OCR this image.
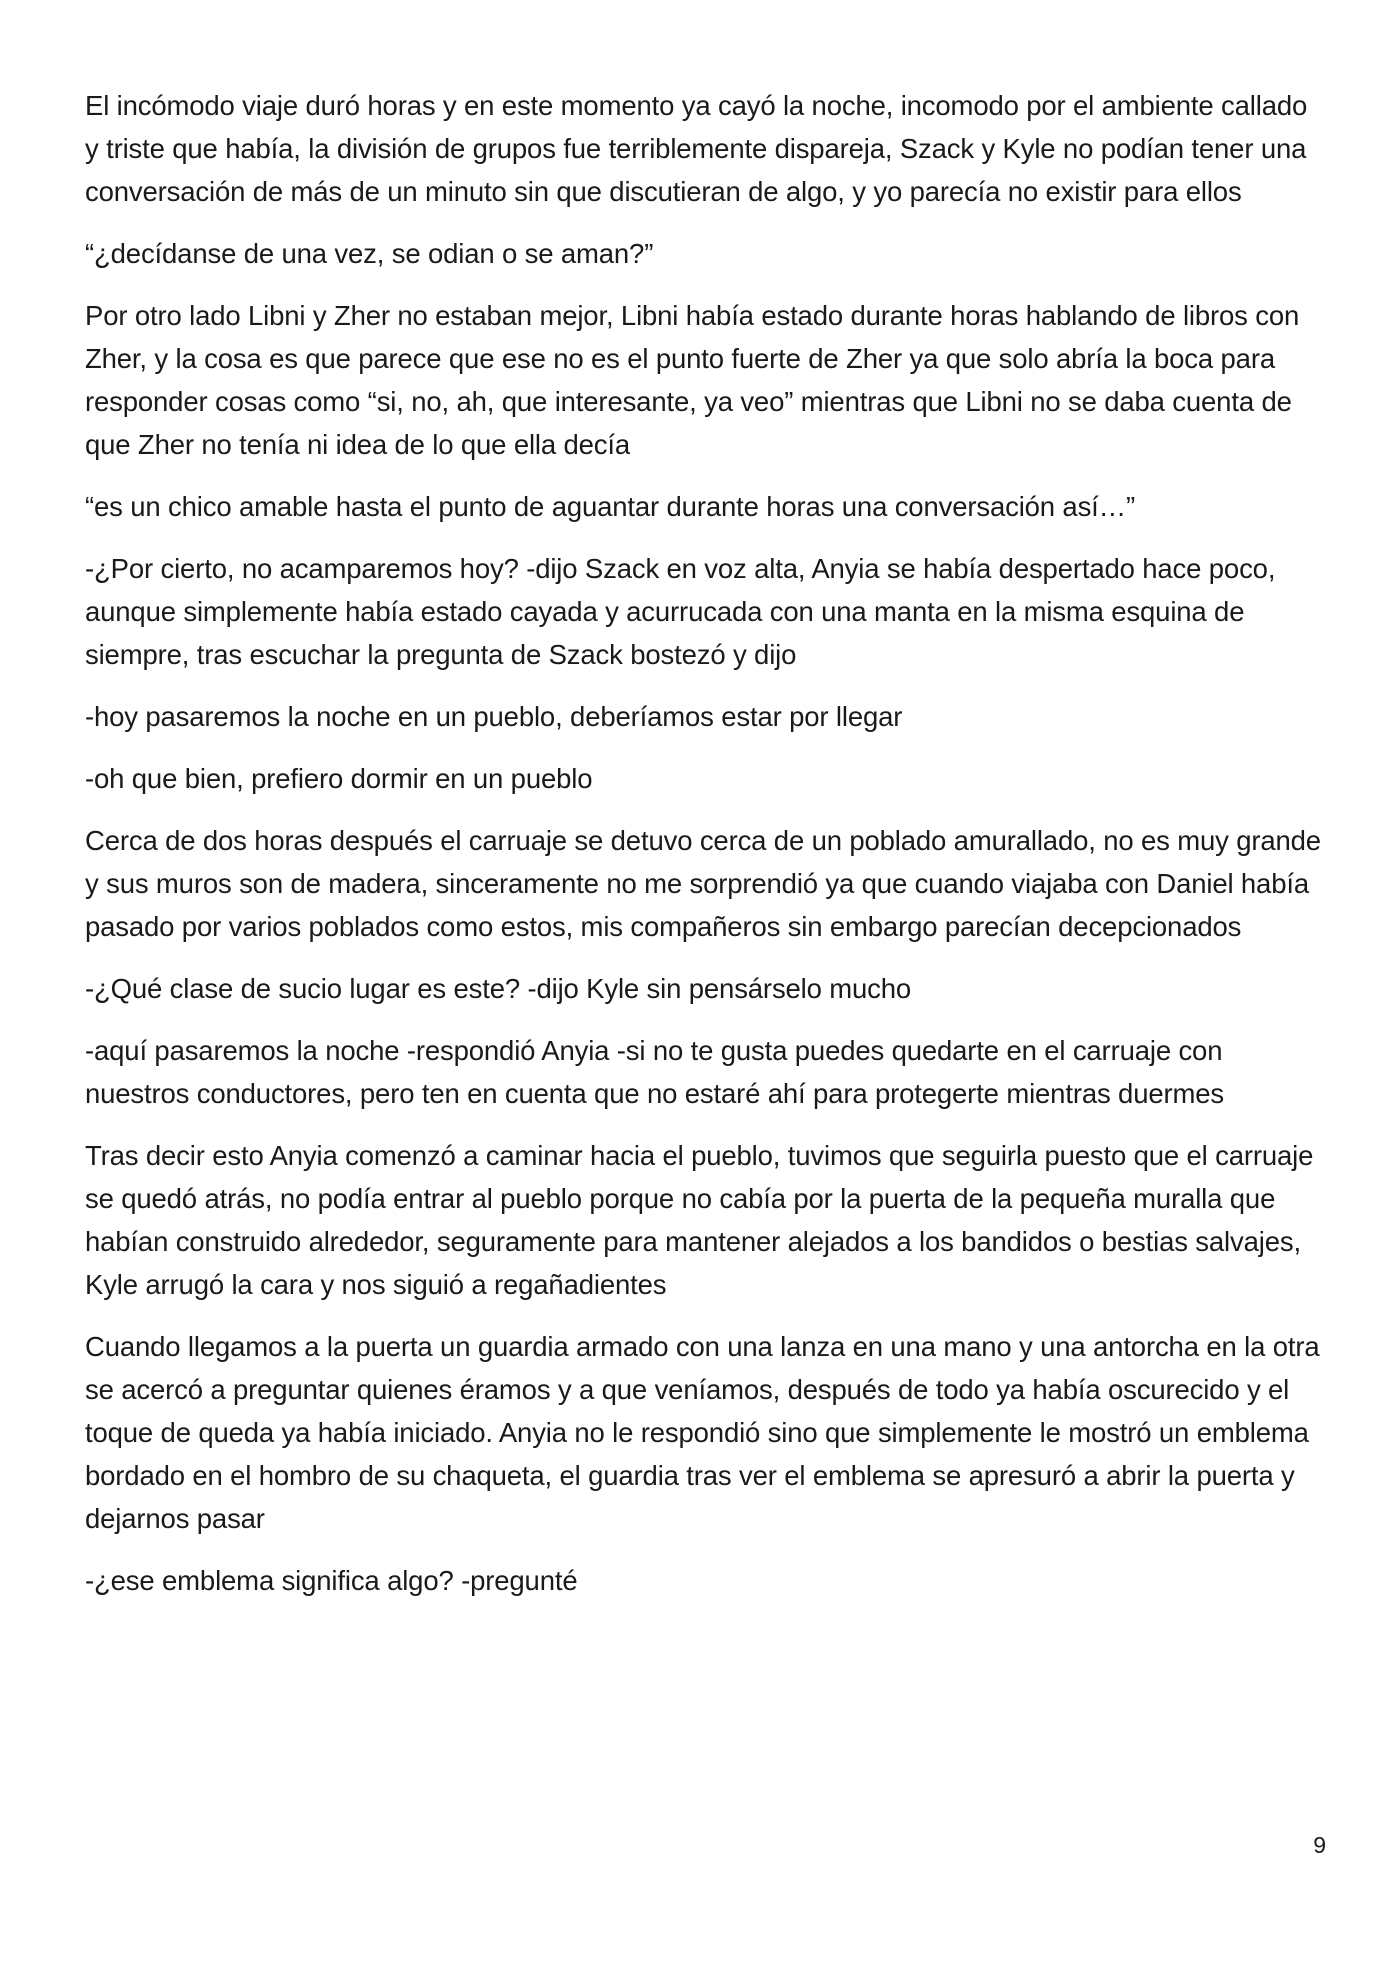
El incómodo viaje duró horas y en este momento ya cayó la noche, incomodo por el ambiente callado y triste que había, la división de grupos fue terriblemente dispareja, Szack y Kyle no podían tener una conversación de más de un minuto sin que discutieran de algo, y yo parecía no existir para ellos

“¿decídanse de una vez, se odian o se aman?”

Por otro lado Libni y Zher no estaban mejor, Libni había estado durante horas hablando de libros con Zher, y la cosa es que parece que ese no es el punto fuerte de Zher ya que solo abría la boca para responder cosas como “si, no, ah, que interesante, ya veo” mientras que Libni no se daba cuenta de que Zher no tenía ni idea de lo que ella decía

“es un chico amable hasta el punto de aguantar durante horas una conversación así…”

-¿Por cierto, no acamparemos hoy? -dijo Szack en voz alta, Anyia se había despertado hace poco, aunque simplemente había estado cayada y acurrucada con una manta en la misma esquina de siempre, tras escuchar la pregunta de Szack bostezó y dijo

-hoy pasaremos la noche en un pueblo, deberíamos estar por llegar

-oh que bien, prefiero dormir en un pueblo

Cerca de dos horas después el carruaje se detuvo cerca de un poblado amurallado, no es muy grande y sus muros son de madera, sinceramente no me sorprendió ya que cuando viajaba con Daniel había pasado por varios poblados como estos, mis compañeros sin embargo parecían decepcionados

-¿Qué clase de sucio lugar es este? -dijo Kyle sin pensárselo mucho

-aquí pasaremos la noche -respondió Anyia -si no te gusta puedes quedarte en el carruaje con nuestros conductores, pero ten en cuenta que no estaré ahí para protegerte mientras duermes

Tras decir esto Anyia comenzó a caminar hacia el pueblo, tuvimos que seguirla puesto que el carruaje se quedó atrás, no podía entrar al pueblo porque no cabía por la puerta de la pequeña muralla que habían construido alrededor, seguramente para mantener alejados a los bandidos o bestias salvajes, Kyle arrugó la cara y nos siguió a regañadientes

Cuando llegamos a la puerta un guardia armado con una lanza en una mano y una antorcha en la otra se acercó a preguntar quienes éramos y a que veníamos, después de todo ya había oscurecido y el toque de queda ya había iniciado. Anyia no le respondió sino que simplemente le mostró un emblema bordado en el hombro de su chaqueta, el guardia tras ver el emblema se apresuró a abrir la puerta y dejarnos pasar

-¿ese emblema significa algo? -pregunté

9
